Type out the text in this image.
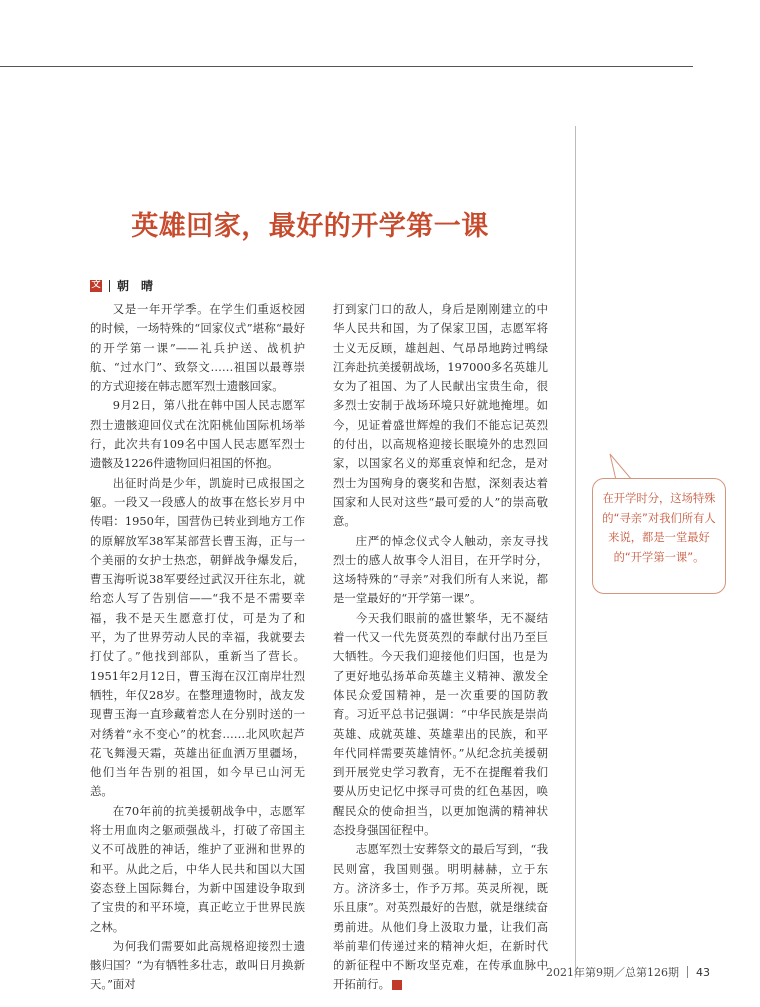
英雄回家，最好的开学第一课
文 朝　晴

又是一年开学季。在学生们重返校园的时候，一场特殊的“回家仪式”堪称“最好的开学第一课”——礼兵护送、战机护航、“过水门”、致祭文……祖国以最尊崇的方式迎接在韩志愿军烈士遗骸回家。

9月2日，第八批在韩中国人民志愿军烈士遗骸迎回仪式在沈阳桃仙国际机场举行，此次共有109名中国人民志愿军烈士遗骸及1226件遗物回归祖国的怀抱。

出征时尚是少年，凯旋时已成报国之躯。一段又一段感人的故事在悠长岁月中传唱：1950年，国营伪已转业到地方工作的原解放军38军某部营长曹玉海，正与一个美丽的女护士热恋，朝鲜战争爆发后，曹玉海听说38军要经过武汉开往东北，就给恋人写了告别信——“我不是不需要幸福，我不是天生愿意打仗，可是为了和平，为了世界劳动人民的幸福，我就要去打仗了。”他找到部队，重新当了营长。1951年2月12日，曹玉海在汉江南岸壮烈牺牲，年仅28岁。在整理遗物时，战友发现曹玉海一直珍藏着恋人在分别时送的一对绣着“永不变心”的枕套……北风吹起芦花飞舞漫天霜，英雄出征血洒万里疆场，他们当年告别的祖国，如今早已山河无恙。

在70年前的抗美援朝战争中，志愿军将士用血肉之躯顽强战斗，打破了帝国主义不可战胜的神话，维护了亚洲和世界的和平。从此之后，中华人民共和国以大国姿态登上国际舞台，为新中国建设争取到了宝贵的和平环境，真正屹立于世界民族之林。

为何我们需要如此高规格迎接烈士遗骸归国？“为有牺牲多壮志，敢叫日月换新天。”面对

打到家门口的敌人，身后是刚刚建立的中华人民共和国，为了保家卫国，志愿军将士义无反顾，雄赳赳、气昂昂地跨过鸭绿江奔赴抗美援朝战场，197000多名英雄儿女为了祖国、为了人民献出宝贵生命，很多烈士安制于战场环境只好就地掩埋。如今，见证着盛世辉煌的我们不能忘记英烈的付出，以高规格迎接长眠境外的忠烈回家，以国家名义的郑重哀悼和纪念，是对烈士为国殉身的褒奖和告慰，深刻表达着国家和人民对这些“最可爱的人”的崇高敬意。

庄严的悼念仪式令人触动，亲友寻找烈士的感人故事令人泪目，在开学时分，这场特殊的“寻亲”对我们所有人来说，都是一堂最好的“开学第一课”。

今天我们眼前的盛世繁华，无不凝结着一代又一代先贤英烈的奉献付出乃至巨大牺牲。今天我们迎接他们归国，也是为了更好地弘扬革命英雄主义精神、激发全体民众爱国精神，是一次重要的国防教育。习近平总书记强调：“中华民族是崇尚英雄、成就英雄、英雄辈出的民族，和平年代同样需要英雄情怀。”从纪念抗美援朝到开展党史学习教育，无不在提醒着我们要从历史记忆中探寻可贵的红色基因，唤醒民众的使命担当，以更加饱满的精神状态投身强国征程中。

志愿军烈士安葬祭文的最后写到，“我民则富，我国则强。明明赫赫，立于东方。济济多士，作予万邦。英灵所视，既乐且康”。对英烈最好的告慰，就是继续奋勇前进。从他们身上汲取力量，让我们高举前辈们传递过来的精神火炬，在新时代的新征程中不断攻坚克难，在传承血脉中开拓前行。	G

在开学时分，这场特殊的“寻亲”对我们所有人来说，都是一堂最好的“开学第一课”。
2021年第9期／总第126期 43
